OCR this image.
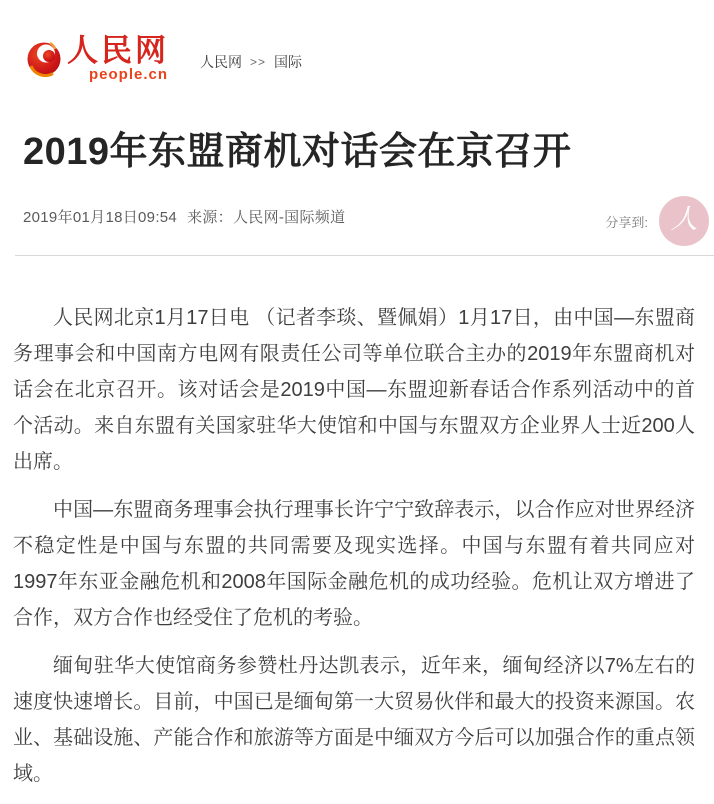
人民网
people.cn
人民网 >> 国际
2019年东盟商机对话会在京召开
2019年01月18日09:54 来源：人民网-国际频道	分享到: 人

人民网北京1月17日电 （记者李琰、暨佩娟）1月17日，由中国—东盟商务理事会和中国南方电网有限责任公司等单位联合主办的2019年东盟商机对话会在北京召开。该对话会是2019中国—东盟迎新春话合作系列活动中的首个活动。来自东盟有关国家驻华大使馆和中国与东盟双方企业界人士近200人出席。

中国—东盟商务理事会执行理事长许宁宁致辞表示，以合作应对世界经济不稳定性是中国与东盟的共同需要及现实选择。中国与东盟有着共同应对1997年东亚金融危机和2008年国际金融危机的成功经验。危机让双方增进了合作，双方合作也经受住了危机的考验。

缅甸驻华大使馆商务参赞杜丹达凯表示，近年来，缅甸经济以7%左右的速度快速增长。目前，中国已是缅甸第一大贸易伙伴和最大的投资来源国。农业、基础设施、产能合作和旅游等方面是中缅双方今后可以加强合作的重点领域。
